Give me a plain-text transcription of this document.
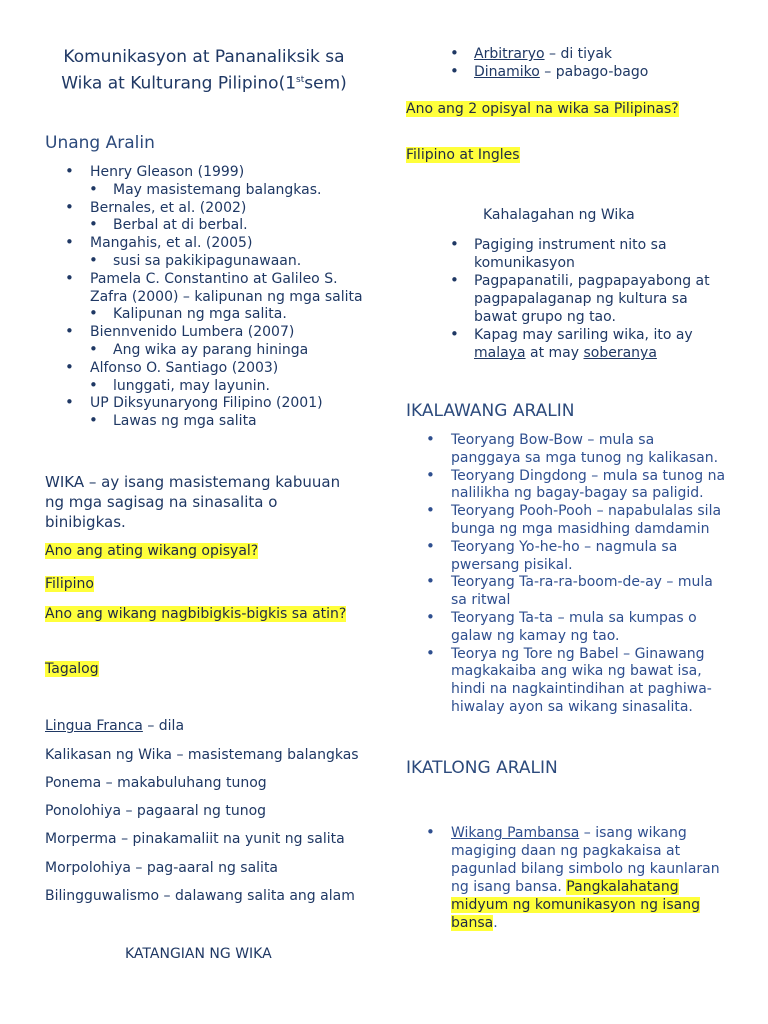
Komunikasyon at Pananaliksik sa
Wika at Kulturang Pilipino(1stsem)
Unang Aralin
• Henry Gleason (1999)
• May masistemang balangkas.
• Bernales, et al. (2002)
• Berbal at di berbal.
• Mangahis, et al. (2005)
• susi sa pakikipagunawaan.
• Pamela C. Constantino at Galileo S. Zafra (2000) – kalipunan ng mga salita
• Kalipunan ng mga salita.
• Biennvenido Lumbera (2007)
• Ang wika ay parang hininga
• Alfonso O. Santiago (2003)
• lunggati, may layunin.
• UP Diksyunaryong Filipino (2001)
• Lawas ng mga salita
WIKA – ay isang masistemang kabuuan ng mga sagisag na sinasalita o binibigkas.
Ano ang ating wikang opisyal?
Filipino
Ano ang wikang nagbibigkis-bigkis sa atin?
Tagalog
Lingua Franca – dila
Kalikasan ng Wika – masistemang balangkas
Ponema – makabuluhang tunog
Ponolohiya – pagaaral ng tunog
Morperma – pinakamaliit na yunit ng salita
Morpolohiya – pag-aaral ng salita
Bilingguwalismo – dalawang salita ang alam
KATANGIAN NG WIKA
• Arbitraryo – di tiyak
• Dinamiko – pabago-bago
Ano ang 2 opisyal na wika sa Pilipinas?
Filipino at Ingles
Kahalagahan ng Wika
• Pagiging instrument nito sa komunikasyon
• Pagpapanatili, pagpapayabong at pagpapalaganap ng kultura sa bawat grupo ng tao.
• Kapag may sariling wika, ito ay malaya at may soberanya
IKALAWANG ARALIN
• Teoryang Bow-Bow – mula sa panggaya sa mga tunog ng kalikasan.
• Teoryang Dingdong – mula sa tunog na nalilikha ng bagay-bagay sa paligid.
• Teoryang Pooh-Pooh – napabulalas sila bunga ng mga masidhing damdamin
• Teoryang Yo-he-ho – nagmula sa pwersang pisikal.
• Teoryang Ta-ra-ra-boom-de-ay – mula sa ritwal
• Teoryang Ta-ta – mula sa kumpas o galaw ng kamay ng tao.
• Teorya ng Tore ng Babel – Ginawang magkakaiba ang wika ng bawat isa, hindi na nagkaintindihan at paghiwa-hiwalay ayon sa wikang sinasalita.
IKATLONG ARALIN
• Wikang Pambansa – isang wikang magiging daan ng pagkakaisa at pagunlad bilang simbolo ng kaunlaran ng isang bansa. Pangkalahatang midyum ng komunikasyon ng isang bansa.
